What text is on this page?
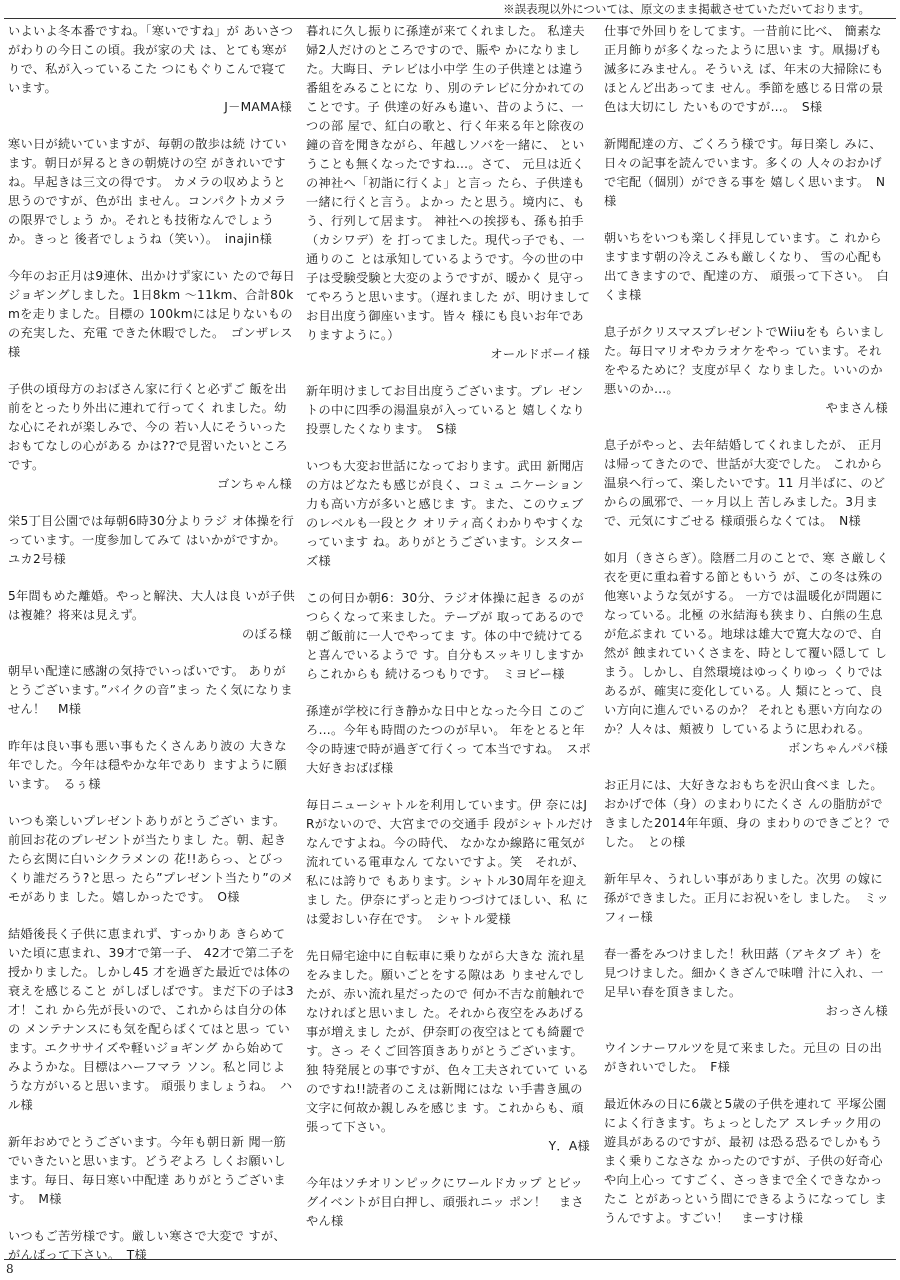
※誤表現以外については、原文のまま掲載させていただいております。

いよいよ冬本番ですね。「寒いですね」が あいさつがわりの今日この頃。我が家の犬 は、とても寒がりで、私が入っているこた つにもぐりこんで寝ています。

J－MAMA様

寒い日が続いていますが、毎朝の散歩は続 けています。朝日が昇るときの朝焼けの空 がきれいですね。早起きは三文の得です。 カメラの収めようと思うのですが、色が出 ません。コンパクトカメラの限界でしょう か。それとも技術なんでしょうか。きっと 後者でしょうね（笑い）。　inajin様

今年のお正月は9連休、出かけず家にい たので毎日ジョギングしました。1日8km ～11km、合計80kmを走りました。目標の 100kmには足りないものの充実した、充電 できた休暇でした。　ゴンザレス様

子供の頃母方のおばさん家に行くと必ずご 飯を出前をとったり外出に連れて行ってく れました。幼な心にそれが楽しみで、今の 若い人にそういったおもてなしの心がある かは??で見習いたいところです。

ゴンちゃん様

栄5丁目公園では毎朝6時30分よりラジ オ体操を行っています。一度参加してみて はいかがですか。　ユカ2号様

5年間もめた離婚。やっと解決、大人は良 いが子供は複雑？将来は見えず。

のぼる様

朝早い配達に感謝の気持でいっぱいです。 ありがとうございます。”バイクの音”まっ たく気になりません！　M様

昨年は良い事も悪い事もたくさんあり波の 大きな年でした。今年は穏やかな年であり ますように願います。　るぅ様

いつも楽しいプレゼントありがとうござい ます。前回お花のプレゼントが当たりまし た。朝、起きたら玄関に白いシクラメンの 花!!あらっ、とびっくり誰だろう?と思っ たら”プレゼント当たり”のメモがありま した。嬉しかったです。　O様

結婚後長く子供に恵まれず、すっかりあ きらめていた頃に恵まれ、39才で第一子、 42才で第二子を授かりました。しかし45 才を過ぎた最近では体の衰えを感じること がしばしばです。まだ下の子は3才！これ から先が長いので、これからは自分の体の メンテナンスにも気を配らばくてはと思っ ています。エクササイズや軽いジョギング から始めてみようかな。目標はハーフマラ ソン。私と同じような方がいると思います。 頑張りましょうね。　ハル様

新年おめでとうございます。今年も朝日新 聞一筋でいきたいと思います。どうぞよろ しくお願いします。毎日、毎日寒い中配達 ありがとうございます。　M様

いつもご苦労様です。厳しい寒さで大変で すが、がんばって下さい。　T様

暮れに久し振りに孫達が来てくれました。 私達夫婦2人だけのところですので、賑や かになりました。大晦日、テレビは小中学 生の子供達とは違う番組をみることにな り、別のテレビに分かれてのことです。子 供達の好みも違い、昔のように、一つの部 屋で、紅白の歌と、行く年来る年と除夜の 鐘の音を聞きながら、年越しソバを一緒に、 ということも無くなったですね…。さて、 元旦は近くの神社へ「初詣に行くよ」と言っ たら、子供達も一緒に行くと言う。よかっ たと思う。境内に、もう、行列して居ます。 神社への挨拶も、孫も拍手（カシワデ）を 打ってました。現代っ子でも、一通りのこ とは承知しているようです。今の世の中 子は受験受験と大変のようですが、暖かく 見守ってやろうと思います。（遅れました が、明けましてお目出度う御座います。皆々 様にも良いお年でありますように。）

オールドボーイ様

新年明けましてお目出度うございます。プレ ゼントの中に四季の湯温泉が入っていると 嬉しくなり投票したくなります。　S様

いつも大変お世話になっております。武田 新聞店の方はどなたも感じが良く、コミュ ニケーション力も高い方が多いと感じま す。また、このウェブのレベルも一段とク オリティ高くわかりやすくなっています ね。ありがとうございます。シスターズ様

この何日か朝6：30分、ラジオ体操に起き るのがつらくなって来ました。テープが 取ってあるので朝ご飯前に一人でやってま す。体の中で続けてると喜んでいるようで す。自分もスッキリしますからこれからも 続けるつもりです。　ミヨビー様

孫達が学校に行き静かな日中となった今日 このごろ…。今年も時間のたつのが早い。 年をとると年令の時速で時が過ぎて行くっ て本当ですね。　スポ大好きおばば様

毎日ニューシャトルを利用しています。伊 奈にはJRがないので、大宮までの交通手 段がシャトルだけなんですよね。今の時代、 なかなか線路に電気が流れている電車なん てないですよ。笑　それが、私には誇りで もあります。シャトル30周年を迎えまし た。伊奈にずっと走りつづけてほしい、私 には愛おしい存在です。　シャトル愛様

先日帰宅途中に自転車に乗りながら大きな 流れ星をみました。願いごとをする隙はあ りませんでしたが、赤い流れ星だったので 何か不吉な前触れでなければと思いまし た。それから夜空をみあげる事が増えまし たが、伊奈町の夜空はとても綺麗です。さっ そくご回答頂きありがとうございます。独 特発展との事ですが、色々工夫されていて いるのですね!!読者のこえは新聞にはな い手書き風の文字に何故か親しみを感じま す。これからも、頑張って下さい。

Y．A様

今年はソチオリンピックにワールドカップ とビッグイベントが目白押し、頑張れニッ ポン！　まさやん様

仕事で外回りをしてます。一昔前に比べ、 簡素な正月飾りが多くなったように思いま す。凧揚げも滅多にみません。そういえ ば、年末の大掃除にもほとんど出あってま せん。季節を感じる日常の景色は大切にし たいものですが…。　S様

新聞配達の方、ごくろう様です。毎日楽し みに、日々の記事を読んでいます。多くの 人々のおかげで宅配（個別）ができる事を 嬉しく思います。　N様

朝いちをいつも楽しく拝見しています。こ れからますます朝の冷えこみも厳しくなり、 雪の心配も出てきますので、配達の方、 頑張って下さい。　白くま様

息子がクリスマスプレゼントでWiiuをも らいました。毎日マリオやカラオケをやっ ています。それをやるために？支度が早く なりました。いいのか悪いのか…。

やまさん様

息子がやっと、去年結婚してくれましたが、 正月は帰ってきたので、世話が大変でした。 これから温泉へ行って、楽したいです。11 月半ばに、のどからの風邪で、一ヶ月以上 苦しみました。3月まで、元気にすごせる 様頑張らなくては。　N様

如月（きさらぎ）。陰暦二月のことで、寒 さ厳しく衣を更に重ね着する節ともいう が、この冬は殊の他寒いような気がする。 一方では温暖化が問題になっている。北極 の氷結海も狭まり、白熊の生息が危ぶまれ ている。地球は雄大で寛大なので、自然が 蝕まれていくさまを、時として覆い隠して しまう。しかし、自然環境はゆっくりゆっ くりではあるが、確実に変化している。人 類にとって、良い方向に進んでいるのか？ それとも悪い方向なのか？人々は、頬被り しているように思われる。

ボンちゃんパパ様

お正月には、大好きなおもちを沢山食べま した。おかげで体（身）のまわりにたくさ んの脂肪ができました2014年年頭、身の まわりのできごと？でした。　との様

新年早々、うれしい事がありました。次男 の嫁に孫ができました。正月にお祝いをし ました。　ミッフィー様

春一番をみつけました！秋田蕗（アキタブ キ）を見つけました。細かくきざんで味噌 汁に入れ、一足早い春を頂きました。

おっさん様

ウインナーワルツを見て来ました。元旦の 日の出がきれいでした。　F様

最近休みの日に6歳と5歳の子供を連れて 平塚公園によく行きます。ちょっとしたア スレチック用の遊具があるのですが、最初 は恐る恐るでしかもうまく乗りこなさな かったのですが、子供の好奇心や向上心っ てすごく、さっきまで全くできなかったこ とがあっという間にできるようになってし まうんですよ。すごい！　まーすけ様

8
